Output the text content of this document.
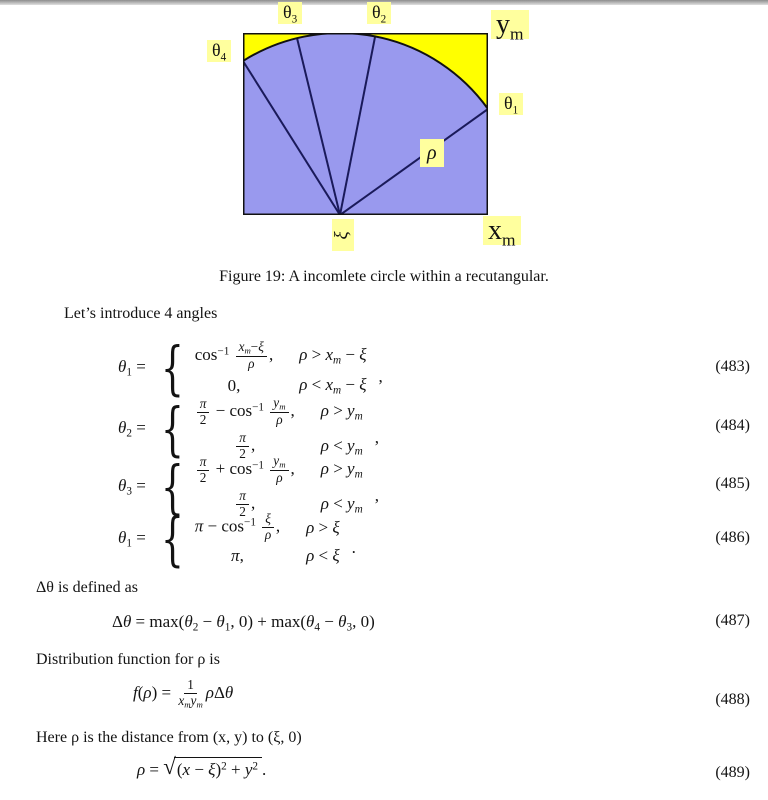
$\theta_3$	$\theta_2$	$y_m$
$\theta_4$
$\theta_1$
ρ
ξ	$x_m$
Figure 19: A incomlete circle within a recutangular.
Let’s introduce 4 angles
θ1 = { $\cos^{-1} \frac{xm-\xi}{\rho}$ , ρ > xm − ξ
0,	ρ < xm − ξ ,
(483)
θ2 = { $\frac{\pi}{2} - \cos^{-1} \frac{ym}{\rho}$ , ρ > ym
$\frac{\pi}{2}$ ,	ρ < ym
,
(484)
θ3 = { $\frac{\pi}{2} + \cos^{-1} \frac{ym}{\rho}$ , ρ > ym
$\frac{\pi}{2}$ ,	ρ < ym
,
(485)
θ1 = { $\pi - \cos^{-1} \frac{\xi}{\rho}$ , ρ > ξ
π,	ρ < ξ .
(486)
Δθ is defined as
Δθ = max(θ2 − θ1, 0) + max(θ4 − θ3, 0)	(487)
Distribution function for ρ is
$f(\rho) = \frac{1}{\text{xmym}}$ ρΔθ	(488)
Here ρ is the distance from (x, y) to (ξ, 0)
ρ = √ $(x - \xi)^2 + y^2$ .	(489)
